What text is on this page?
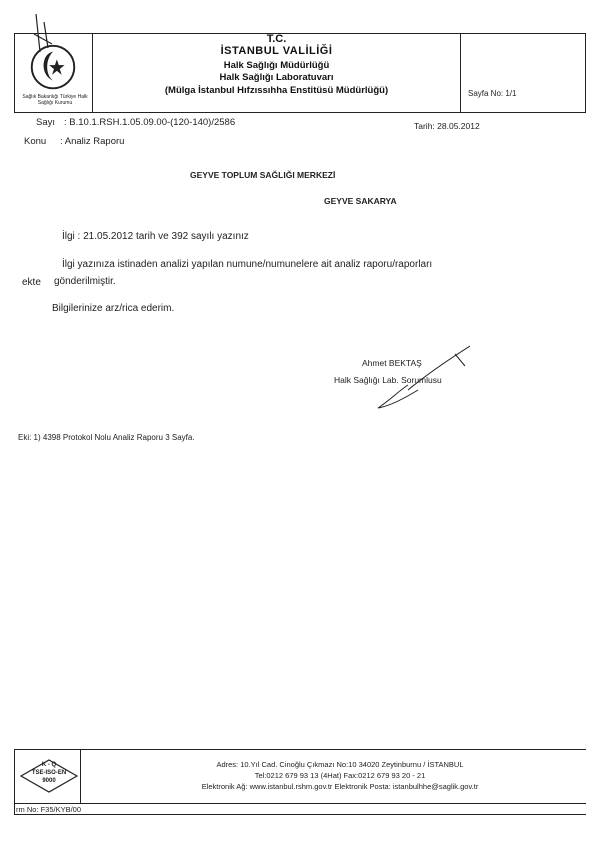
Sağlık Bakanlığı Türkiye Halk Sağlığı Kurumu
T.C.
İSTANBUL VALİLİĞİ
Halk Sağlığı Müdürlüğü
Halk Sağlığı Laboratuvarı
(Mülga İstanbul Hıfzıssıhha Enstitüsü Müdürlüğü)	Sayfa No: 1/1
Sayı : B.10.1.RSH.1.05.09.00-(120-140)/2586	Tarih: 28.05.2012
Konu : Analiz Raporu
GEYVE TOPLUM SAĞLIĞI MERKEZİ
GEYVE SAKARYA
İlgi : 21.05.2012 tarih ve 392 sayılı yazınız
İlgi yazınıza istinaden analizi yapılan numune/numunelere ait analiz raporu/raporları
ekte gönderilmiştir.
Bilgilerinize arz/rica ederim.
Ahmet BEKTAŞ
Halk Sağlığı Lab. Sorumlusu
Eki: 1) 4398 Protokol Nolu Analiz Raporu 3 Sayfa.
K - Q
TSE-ISO-EN
9000
Adres: 10.Yıl Cad. Cinoğlu Çıkmazı No:10 34020 Zeytinburnu / İSTANBUL
Tel:0212 679 93 13 (4Hat) Fax:0212 679 93 20 - 21
Elektronik Ağ: www.istanbul.rshm.gov.tr Elektronik Posta: istanbulhhe@saglik.gov.tr
rm No: F35/KYB/00
